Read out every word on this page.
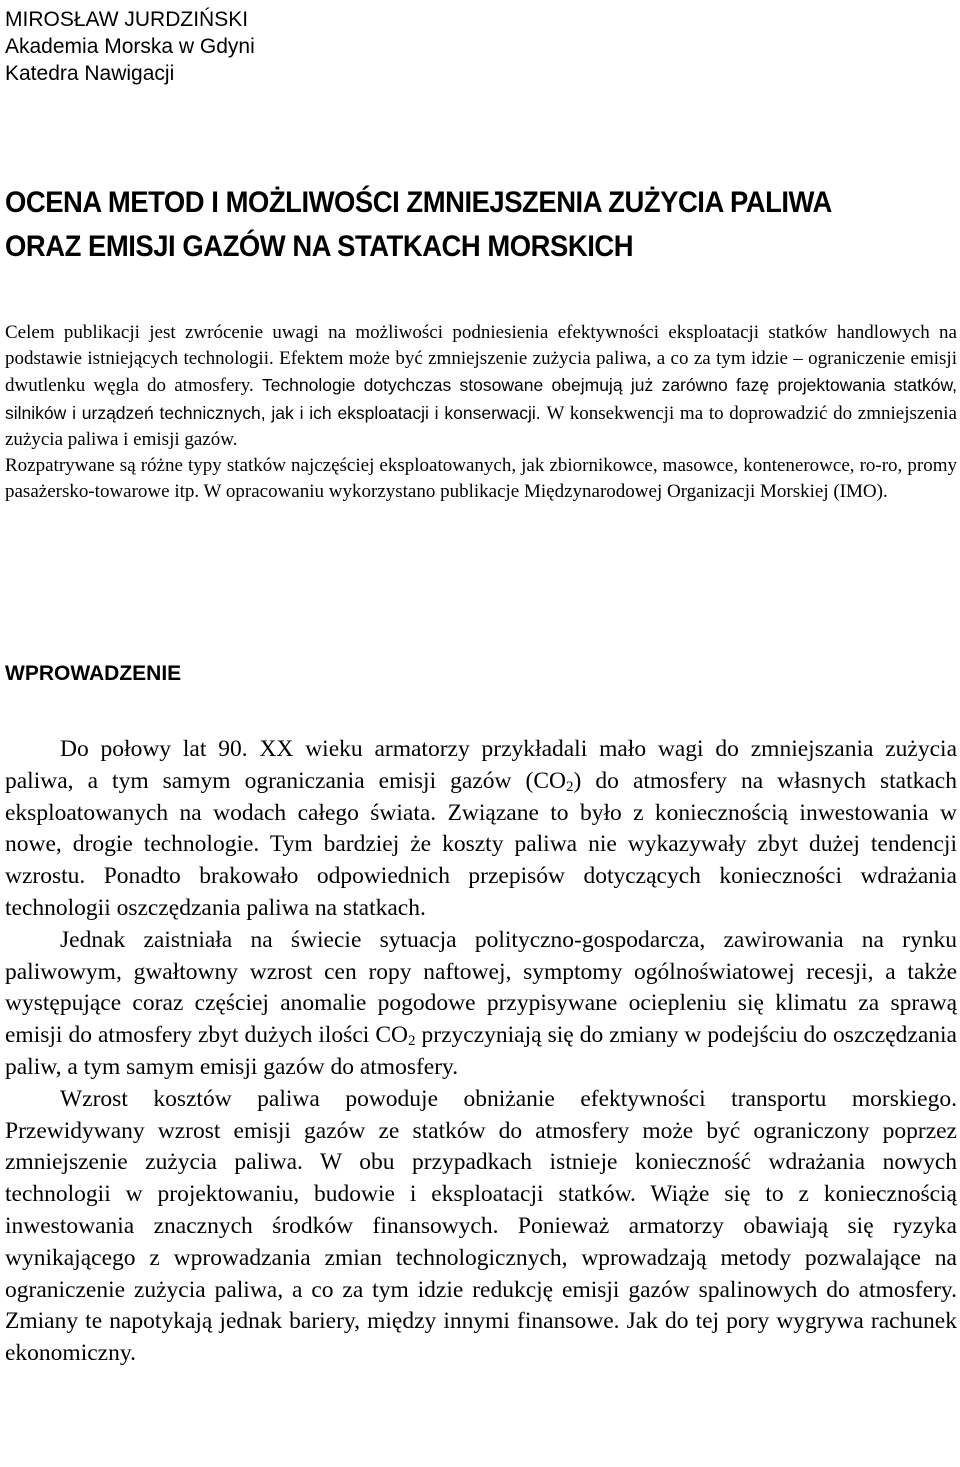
MIROSŁAW JURDZIŃSKI
Akademia Morska w Gdyni
Katedra Nawigacji
OCENA METOD I MOŻLIWOŚCI ZMNIEJSZENIA ZUŻYCIA PALIWA
ORAZ EMISJI GAZÓW NA STATKACH MORSKICH

Celem publikacji jest zwrócenie uwagi na możliwości podniesienia efektywności eksploatacji statków handlowych na podstawie istniejących technologii. Efektem może być zmniejszenie zużycia paliwa, a co za tym idzie – ograniczenie emisji dwutlenku węgla do atmosfery. Technologie dotychczas stosowane obejmują już zarówno fazę projektowania statków, silników i urządzeń technicznych, jak i ich eksploatacji i konserwacji. W konsekwencji ma to doprowadzić do zmniejszenia zużycia paliwa i emisji gazów.

Rozpatrywane są różne typy statków najczęściej eksploatowanych, jak zbiornikowce, masowce, kontenerowce, ro-ro, promy pasażersko-towarowe itp. W opracowaniu wykorzystano publikacje Międzynarodowej Organizacji Morskiej (IMO).

WPROWADZENIE

Do połowy lat 90. XX wieku armatorzy przykładali mało wagi do zmniejszania zużycia paliwa, a tym samym ograniczania emisji gazów $(CO_2)$ do atmosfery na własnych statkach eksploatowanych na wodach całego świata. Związane to było z koniecznością inwestowania w nowe, drogie technologie. Tym bardziej że koszty paliwa nie wykazywały zbyt dużej tendencji wzrostu. Ponadto brakowało odpowiednich przepisów dotyczących konieczności wdrażania technologii oszczędzania paliwa na statkach.

Jednak zaistniała na świecie sytuacja polityczno-gospodarcza, zawirowania na rynku paliwowym, gwałtowny wzrost cen ropy naftowej, symptomy ogólnoświatowej recesji, a także występujące coraz częściej anomalie pogodowe przypisywane ociepleniu się klimatu za sprawą emisji do atmosfery zbyt dużych ilości $CO_2$ przyczyniają się do zmiany w podejściu do oszczędzania paliw, a tym samym emisji gazów do atmosfery.

Wzrost kosztów paliwa powoduje obniżanie efektywności transportu morskiego. Przewidywany wzrost emisji gazów ze statków do atmosfery może być ograniczony poprzez zmniejszenie zużycia paliwa. W obu przypadkach istnieje konieczność wdrażania nowych technologii w projektowaniu, budowie i eksploatacji statków. Wiąże się to z koniecznością inwestowania znacznych środków finansowych. Ponieważ armatorzy obawiają się ryzyka wynikającego z wprowadzania zmian technologicznych, wprowadzają metody pozwalające na ograniczenie zużycia paliwa, a co za tym idzie redukcję emisji gazów spalinowych do atmosfery. Zmiany te napotykają jednak bariery, między innymi finansowe. Jak do tej pory wygrywa rachunek ekonomiczny.
